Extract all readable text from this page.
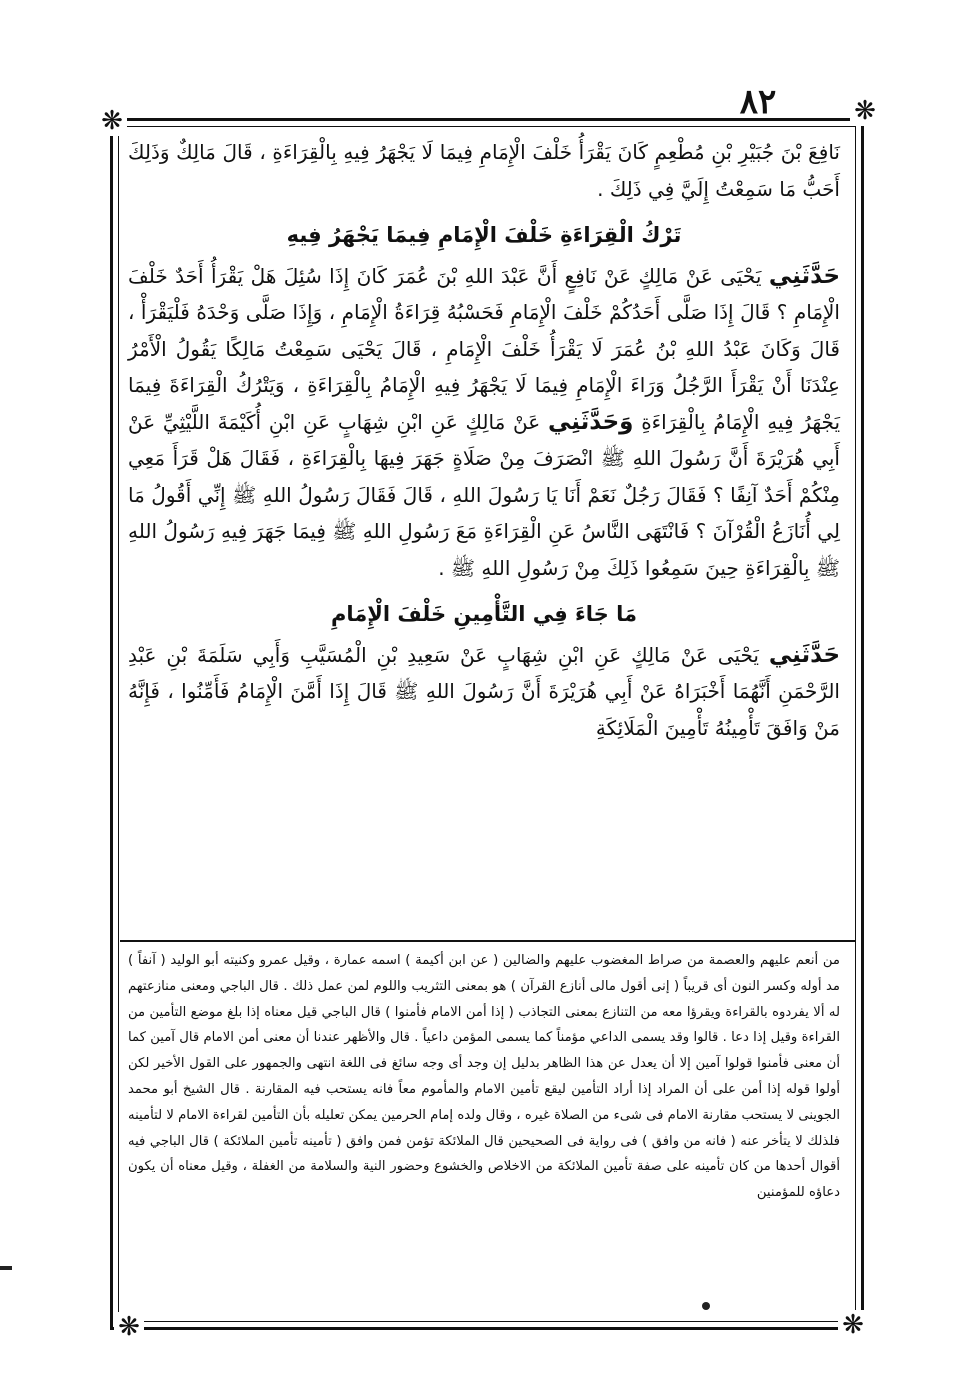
٨٢
❋	❋
❋	❋

نَافِعَ بْنَ جُبَيْرِ بْنِ مُطْعِمٍ كَانَ يَقْرَأُ خَلْفَ الْإِمَامِ فِيمَا لَا يَجْهَرُ فِيهِ بِالْقِرَاءَةِ ، قَالَ مَالِكٌ وَذَلِكَ أَحَبُّ مَا سَمِعْتُ إِلَيَّ فِي ذَلِكَ .

تَرْكُ الْقِرَاءَةِ خَلْفَ الْإِمَامِ فِيمَا يَجْهَرُ فِيهِ

حَدَّثَنِي يَحْيَى عَنْ مَالِكٍ عَنْ نَافِعٍ أَنَّ عَبْدَ اللهِ بْنَ عُمَرَ كَانَ إِذَا سُئِلَ هَلْ يَقْرَأُ أَحَدٌ خَلْفَ الْإِمَامِ ؟ قَالَ إِذَا صَلَّى أَحَدُكُمْ خَلْفَ الْإِمَامِ فَحَسْبُهُ قِرَاءَةُ الْإِمَامِ ، وَإِذَا صَلَّى وَحْدَهُ فَلْيَقْرَأْ ، قَالَ وَكَانَ عَبْدُ اللهِ بْنُ عُمَرَ لَا يَقْرَأُ خَلْفَ الْإِمَامِ ، قَالَ يَحْيَى سَمِعْتُ مَالِكًا يَقُولُ الْأَمْرُ عِنْدَنَا أَنْ يَقْرَأَ الرَّجُلُ وَرَاءَ الْإِمَامِ فِيمَا لَا يَجْهَرُ فِيهِ الْإِمَامُ بِالْقِرَاءَةِ ، وَيَتْرُكُ الْقِرَاءَةَ فِيمَا يَجْهَرُ فِيهِ الْإِمَامُ بِالْقِرَاءَةِ وَحَدَّثَنِي عَنْ مَالِكٍ عَنِ ابْنِ شِهَابٍ عَنِ ابْنِ أُكَيْمَةَ اللَّيْثِيِّ عَنْ أَبِي هُرَيْرَةَ أَنَّ رَسُولَ اللهِ ﷺ انْصَرَفَ مِنْ صَلَاةٍ جَهَرَ فِيهَا بِالْقِرَاءَةِ ، فَقَالَ هَلْ قَرَأَ مَعِي مِنْكُمْ أَحَدٌ آنِفًا ؟ فَقَالَ رَجُلٌ نَعَمْ أَنَا يَا رَسُولَ اللهِ ، قَالَ فَقَالَ رَسُولُ اللهِ ﷺ إِنِّي أَقُولُ مَا لِي أُنَازَعُ الْقُرْآنَ ؟ فَانْتَهَى النَّاسُ عَنِ الْقِرَاءَةِ مَعَ رَسُولِ اللهِ ﷺ فِيمَا جَهَرَ فِيهِ رَسُولُ اللهِ ﷺ بِالْقِرَاءَةِ حِينَ سَمِعُوا ذَلِكَ مِنْ رَسُولِ اللهِ ﷺ .

مَا جَاءَ فِي التَّأْمِينِ خَلْفَ الْإِمَامِ

حَدَّثَنِي يَحْيَى عَنْ مَالِكٍ عَنِ ابْنِ شِهَابٍ عَنْ سَعِيدِ بْنِ الْمُسَيَّبِ وَأَبِي سَلَمَةَ بْنِ عَبْدِ الرَّحْمَنِ أَنَّهُمَا أَخْبَرَاهُ عَنْ أَبِي هُرَيْرَةَ أَنَّ رَسُولَ اللهِ ﷺ قَالَ إِذَا أَمَّنَ الْإِمَامُ فَأَمِّنُوا ، فَإِنَّهُ مَنْ وَافَقَ تَأْمِينُهُ تَأْمِينَ الْمَلَائِكَةِ

من أنعم عليهم والعصمة من صراط المغضوب عليهم والضالين ( عن ابن أكيمة ) اسمه عمارة ، وقيل عمرو وكنيته أبو الوليد ( آنفاً ) مد أوله وكسر النون أى قريباً ( إنى أقول مالى أنازع القرآن ) هو بمعنى التثريب واللوم لمن عمل ذلك . قال الباجي ومعنى منازعتهم له ألا يفردوه بالقراءة ويقرؤا معه من التنازع بمعنى التجاذب ( إذا أمن الامام فأمنوا ) قال الباجي قيل معناه إذا بلغ موضع التأمين من القراءة وقيل إذا دعا . قالوا وقد يسمى الداعي مؤمناً كما يسمى المؤمن داعياً . قال والأظهر عندنا أن معنى أمن الامام قال آمين كما أن معنى فأمنوا قولوا آمين إلا أن يعدل عن هذا الظاهر بدليل إن وجد أى وجه سائغ فى اللغة انتهى والجمهور على القول الأخير لكن أولوا قوله إذا أمن على أن المراد إذا أراد التأمين ليقع تأمين الامام والمأموم معاً فانه يستحب فيه المقارنة . قال الشيخ أبو محمد الجوينى لا يستحب مقارنة الامام فى شىء من الصلاة غيره ، وقال ولده إمام الحرمين يمكن تعليله بأن التأمين لقراءة الامام لا لتأمينه فلذلك لا يتأخر عنه ( فانه من وافق ) فى رواية فى الصحيحين قال الملائكة تؤمن فمن وافق ( تأمينه تأمين الملائكة ) قال الباجي فيه أقوال أحدها من كان تأمينه على صفة تأمين الملائكة من الاخلاص والخشوع وحضور النية والسلامة من الغفلة ، وقيل معناه أن يكون دعاؤه للمؤمنين
